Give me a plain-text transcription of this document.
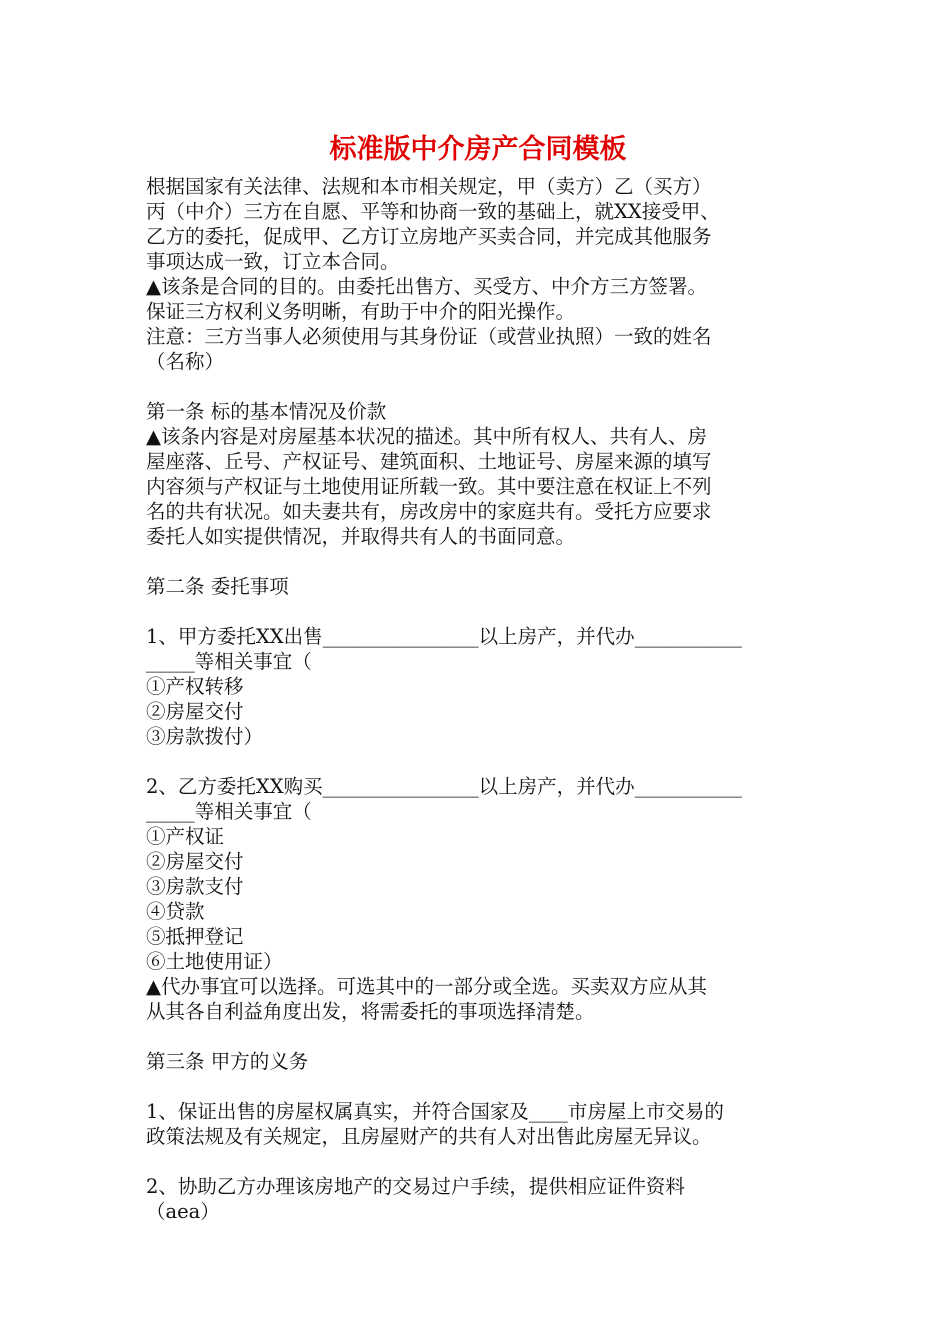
标准版中介房产合同模板
根据国家有关法律、法规和本市相关规定，甲（卖方）乙（买方）
丙（中介）三方在自愿、平等和协商一致的基础上，就XX接受甲、
乙方的委托，促成甲、乙方订立房地产买卖合同，并完成其他服务
事项达成一致，订立本合同。
▲该条是合同的目的。由委托出售方、买受方、中介方三方签署。
保证三方权利义务明晰，有助于中介的阳光操作。
注意：三方当事人必须使用与其身份证（或营业执照）一致的姓名
（名称）
第一条 标的基本情况及价款
▲该条内容是对房屋基本状况的描述。其中所有权人、共有人、房
屋座落、丘号、产权证号、建筑面积、土地证号、房屋来源的填写
内容须与产权证与土地使用证所载一致。其中要注意在权证上不列
名的共有状况。如夫妻共有，房改房中的家庭共有。受托方应要求
委托人如实提供情况，并取得共有人的书面同意。
第二条 委托事项
1、甲方委托XX出售________________以上房产，并代办___________
_____等相关事宜（
①产权转移
②房屋交付
③房款拨付）
2、乙方委托XX购买________________以上房产，并代办___________
_____等相关事宜（
①产权证
②房屋交付
③房款支付
④贷款
⑤抵押登记
⑥土地使用证）
▲代办事宜可以选择。可选其中的一部分或全选。买卖双方应从其
从其各自利益角度出发，将需委托的事项选择清楚。
第三条 甲方的义务
1、保证出售的房屋权属真实，并符合国家及____市房屋上市交易的
政策法规及有关规定，且房屋财产的共有人对出售此房屋无异议。
2、协助乙方办理该房地产的交易过户手续，提供相应证件资料
（aea）
